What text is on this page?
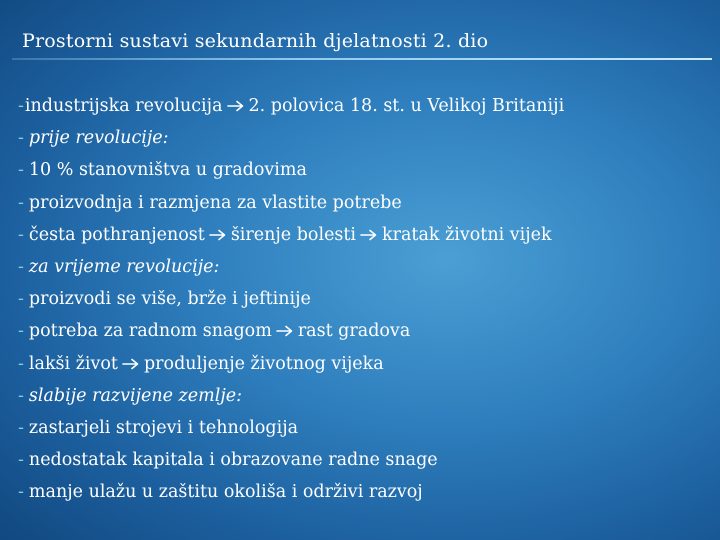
Prostorni sustavi sekundarnih djelatnosti 2. dio
- industrijska revolucija 2. polovica 18. st. u Velikoj Britaniji
- prije revolucije:
- 10 % stanovništva u gradovima
- proizvodnja i razmjena za vlastite potrebe
- česta pothranjenost širenje bolesti kratak životni vijek
- za vrijeme revolucije:
- proizvodi se više, brže i jeftinije
- potreba za radnom snagom rast gradova
- lakši život produljenje životnog vijeka
- slabije razvijene zemlje:
- zastarjeli strojevi i tehnologija
- nedostatak kapitala i obrazovane radne snage
- manje ulažu u zaštitu okoliša i održivi razvoj
